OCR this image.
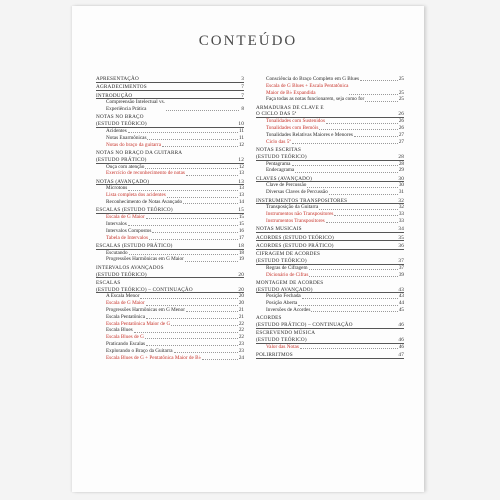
CONTEÚDO
APRESENTAÇÃO	3
AGRADECIMENTOS	7
INTRODUÇÃO	7
Compreensão Intelectual vs.
Experiência Prática	8
NOTAS NO BRAÇO
(ESTUDO TEÓRICO)	10
Acidentes	11
Notas Enarmônicas	11
Notas do braço da guitarra	12
NOTAS NO BRAÇO DA GUITARRA
(ESTUDO PRÁTICO)	12
Ouça com atenção	12
Exercício de reconhecimento de notas	13
NOTAS (AVANÇADO)	13
Microtons	13
Lista completa dos acidentes	13
Reconhecimento de Notas Avançado	14
ESCALAS (ESTUDO TEÓRICO)	15
Escala de G Maior	15
Intervalos	15
Intervalos Compostos	16
Tabela de Intervalos	17
ESCALAS (ESTUDO PRÁTICO)	18
Escutando	18
Progressões Harmônicas em G Maior	19
INTERVALOS AVANÇADOS
(ESTUDO TEÓRICO)	20
ESCALAS
(ESTUDO TEÓRICO) – CONTINUAÇÃO	20
A Escala Menor	20
Escala de G Maior	20
Progressões Harmônicas em G Menor	21
Escala Pentatônica	21
Escala Pentatônica Maior de G	22
Escala Blues	22
Escala Blues de G	22
Praticando Escalas	23
Explorando o Braço da Guitarra	23
Escala Blues de G + Pentatônica Maior de B♭	24
Consciência do Braço Completo em G Blues	25
Escala de G Blues + Escala Pentatônica
Maior de B♭ Expandida	25
Faça todas as notas funcionarem, seja como for	25
ARMADURAS DE CLAVE E
O CICLO DAS 5ª	26
Tonalidades com Sustenidos	26
Tonalidades com Bemóis	26
Tonalidades Relativas Maiores e Menores	27
Ciclo das 5ª	27
NOTAS ESCRITAS
(ESTUDO TEÓRICO)	28
Pentagrama	28
Endecagrama	29
CLAVES (AVANÇADO)	30
Clave de Percussão	30
Diversas Claves de Percussão	31
INSTRUMENTOS TRANSPOSITORES	32
Transposição da Guitarra	32
Instrumentos não Transpositores	33
Instrumentos Transpositores	33
NOTAS MUSICAIS	34
ACORDES (ESTUDO TEÓRICO)	35
ACORDES (ESTUDO PRÁTICO)	36
CIFRAGEM DE ACORDES
(ESTUDO TEÓRICO)	37
Regras de Cifragem	37
Dicionário de Cifras	39
MONTAGEM DE ACORDES
(ESTUDO AVANÇADO)	43
Posição Fechada	43
Posição Aberta	44
Inversões de Acordes	45
ACORDES
(ESTUDO PRÁTICO) – CONTINUAÇÃO	46
ESCREVENDO MÚSICA
(ESTUDO TEÓRICO)	46
Valor das Notas	46
POLIRRITMOS	47
